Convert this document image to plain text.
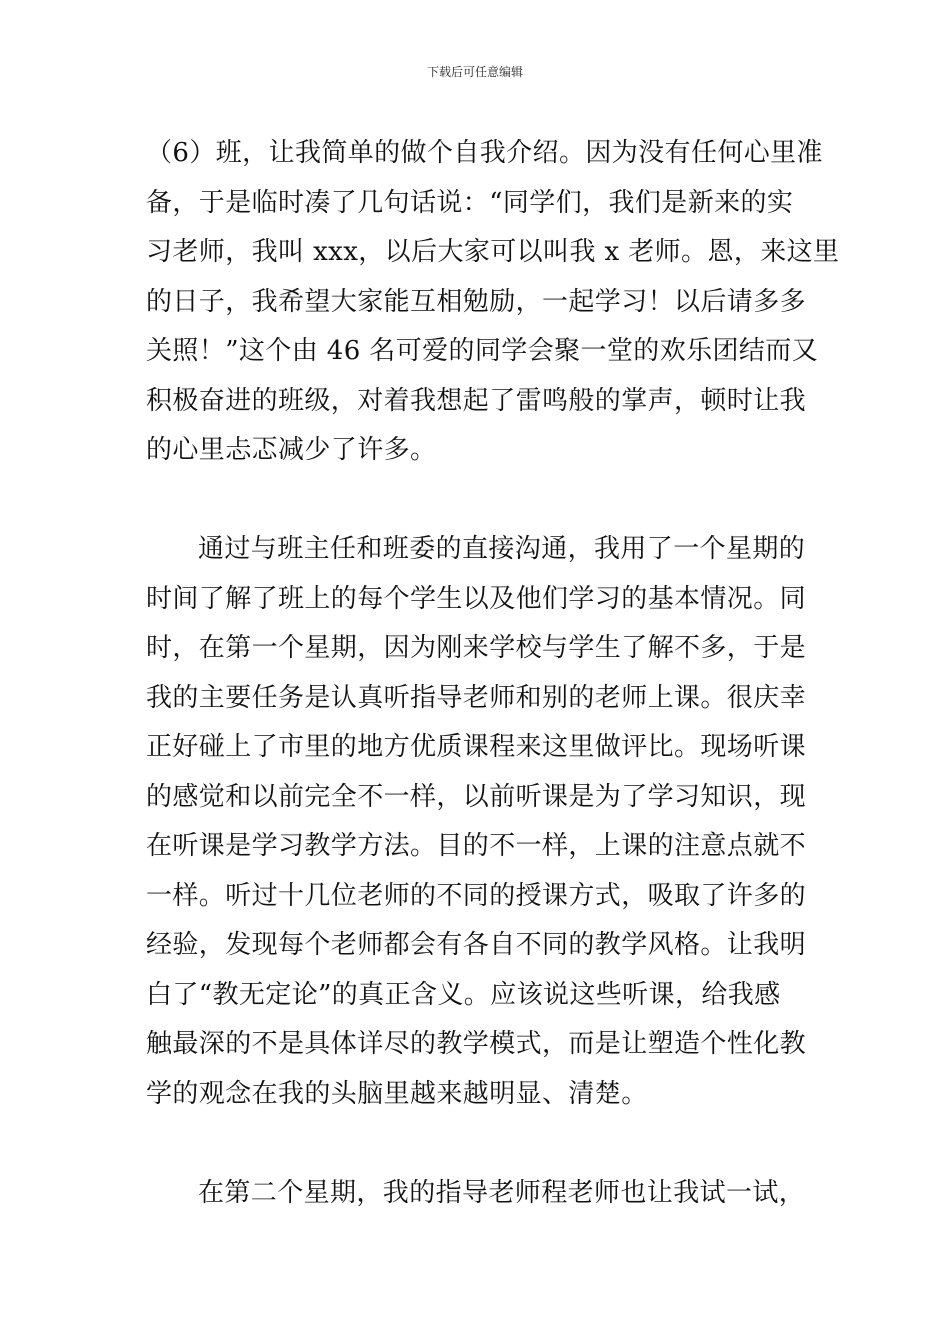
下载后可任意编辑
（6）班，让我简单的做个自我介绍。因为没有任何心里准
备，于是临时凑了几句话说：“同学们，我们是新来的实
习老师，我叫 xxx，以后大家可以叫我 x 老师。恩，来这里
的日子，我希望大家能互相勉励，一起学习！以后请多多
关照！”这个由 46 名可爱的同学会聚一堂的欢乐团结而又
积极奋进的班级，对着我想起了雷鸣般的掌声，顿时让我
的心里忐忑减少了许多。
通过与班主任和班委的直接沟通，我用了一个星期的
时间了解了班上的每个学生以及他们学习的基本情况。同
时，在第一个星期，因为刚来学校与学生了解不多，于是
我的主要任务是认真听指导老师和别的老师上课。很庆幸
正好碰上了市里的地方优质课程来这里做评比。现场听课
的感觉和以前完全不一样，以前听课是为了学习知识，现
在听课是学习教学方法。目的不一样，上课的注意点就不
一样。听过十几位老师的不同的授课方式，吸取了许多的
经验，发现每个老师都会有各自不同的教学风格。让我明
白了“教无定论”的真正含义。应该说这些听课，给我感
触最深的不是具体详尽的教学模式，而是让塑造个性化教
学的观念在我的头脑里越来越明显、清楚。
在第二个星期，我的指导老师程老师也让我试一试，
